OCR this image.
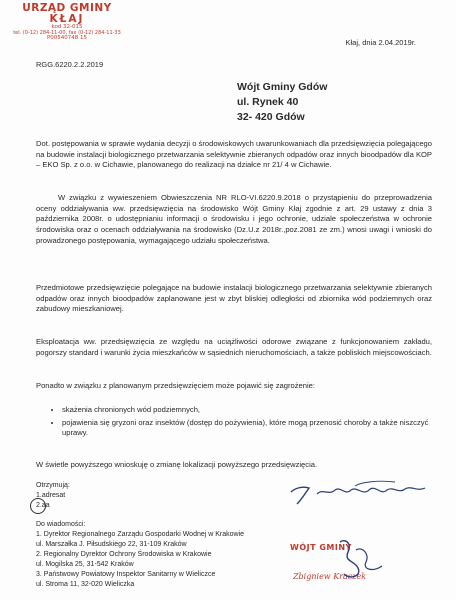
URZĄD GMINY
KŁAJ
kod 32-015
tel. (0-12) 284-11-00, fax (0-12) 284-11-33
P00540748 15	Kłaj, dnia 2.04.2019r.
RGG.6220.2.2.2019
Wójt Gminy Gdów
ul. Rynek 40
32- 420 Gdów

Dot. postępowania w sprawie wydania decyzji o środowiskowych uwarunkowaniach dla przedsięwzięcia polegającego na budowie instalacji biologicznego przetwarzania selektywnie zbieranych odpadów oraz innych bioodpadów dla KOP – EKO Sp. z o.o. w Cichawie, planowanego do realizacji na działce nr 21/ 4 w Cichawie.

W związku z wywieszeniem Obwieszczenia NR RLO-VI.6220.9.2018 o przystąpieniu do przeprowadzenia oceny oddziaływania ww. przedsięwzięcia na środowisko Wójt Gminy Kłaj zgodnie z art. 29 ustawy z dnia 3 października 2008r. o udostępnianiu informacji o środowisku i jego ochronie, udziale społeczeństwa w ochronie środowiska oraz o ocenach oddziaływania na środowisko (Dz.U.z 2018r.,poz.2081 ze zm.) wnosi uwagi i wnioski do prowadzonego postępowania, wymagającego udziału społeczeństwa.

Przedmiotowe przedsięwzięcie polegające na budowie instalacji biologicznego przetwarzania selektywnie zbieranych odpadów oraz innych bioodpadów zaplanowane jest w zbyt bliskiej odległości od zbiornika wód podziemnych oraz zabudowy mieszkaniowej.

Eksploatacja ww. przedsięwzięcia ze względu na uciążliwości odorowe związane z funkcjonowaniem zakładu, pogorszy standard i warunki życia mieszkańców w sąsiednich nieruchomościach, a także pobliskich miejscowościach.

Ponadto w związku z planowanym przedsięwzięciem może pojawić się zagrożenie:

• skażenia chronionych wód podziemnych,
• pojawienia się gryzoni oraz insektów (dostęp do pożywienia), które mogą przenosić choroby a także niszczyć uprawy.

W świetle powyższego wnioskuję o zmianę lokalizacji powyższego przedsięwzięcia.

Otrzymują:
1.adresat
2.aa
Do wiadomości:
1. Dyrektor Regionalnego Zarządu Gospodarki Wodnej w Krakowie
ul. Marszałka J. Piłsudskiego 22, 31-109 Kraków
2. Regionalny Dyrektor Ochrony Środowiska w Krakowie
ul. Mogilska 25, 31-542 Kraków
3. Państwowy Powiatowy Inspektor Sanitarny w Wieliczce
ul. Stroma 11, 32-020 Wieliczka
WÓJT GMINY
Zbigniew Kraczek
